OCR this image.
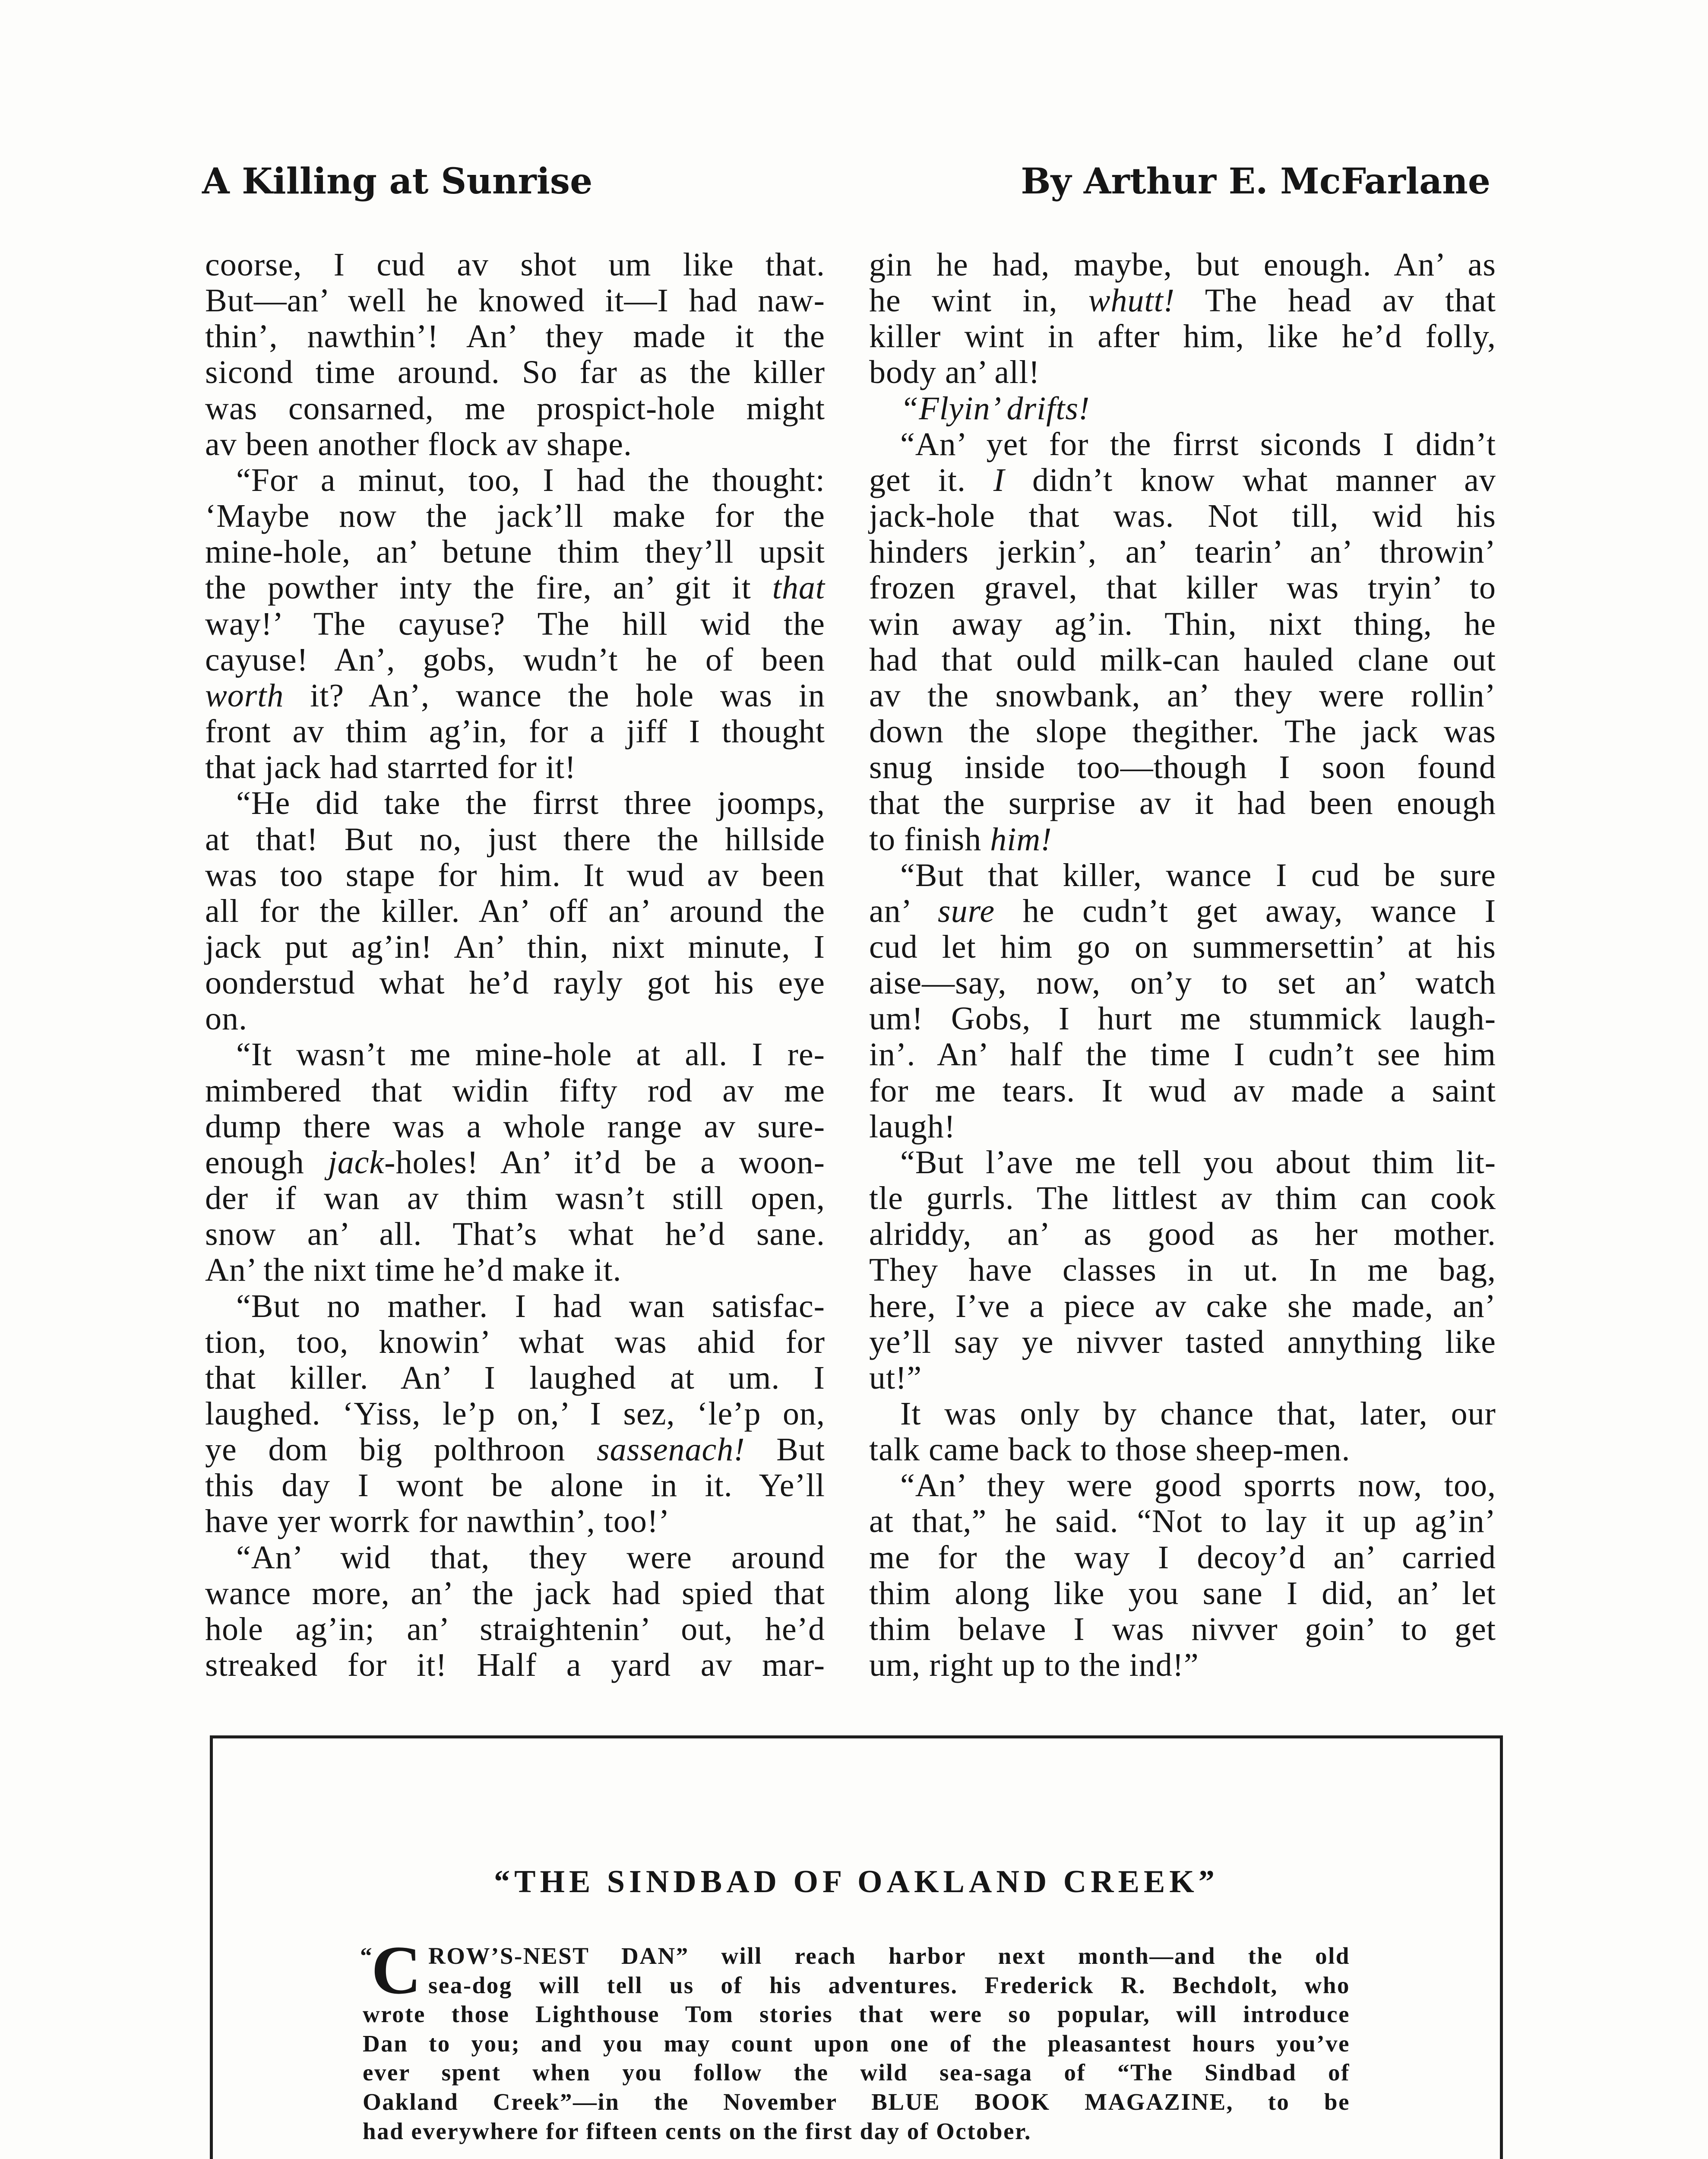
A Killing at Sunrise	By Arthur E. McFarlane
coorse, I cud av shot um like that.
But—an’ well he knowed it—I had naw-
thin’, nawthin’! An’ they made it the
sicond time around. So far as the killer
was consarned, me prospict-hole might
av been another flock av shape.
“For a minut, too, I had the thought:
‘Maybe now the jack’ll make for the
mine-hole, an’ betune thim they’ll upsit
the powther inty the fire, an’ git it that
way!’ The cayuse? The hill wid the
cayuse! An’, gobs, wudn’t he of been
worth it? An’, wance the hole was in
front av thim ag’in, for a jiff I thought
that jack had starrted for it!
“He did take the firrst three joomps,
at that! But no, just there the hillside
was too stape for him. It wud av been
all for the killer. An’ off an’ around the
jack put ag’in! An’ thin, nixt minute, I
oonderstud what he’d rayly got his eye
on.
“It wasn’t me mine-hole at all. I re-
mimbered that widin fifty rod av me
dump there was a whole range av sure-
enough jack-holes! An’ it’d be a woon-
der if wan av thim wasn’t still open,
snow an’ all. That’s what he’d sane.
An’ the nixt time he’d make it.
“But no mather. I had wan satisfac-
tion, too, knowin’ what was ahid for
that killer. An’ I laughed at um. I
laughed. ‘Yiss, le’p on,’ I sez, ‘le’p on,
ye dom big polthroon sassenach! But
this day I wont be alone in it. Ye’ll
have yer worrk for nawthin’, too!’
“An’ wid that, they were around
wance more, an’ the jack had spied that
hole ag’in; an’ straightenin’ out, he’d
streaked for it! Half a yard av mar-
gin he had, maybe, but enough. An’ as
he wint in, whutt! The head av that
killer wint in after him, like he’d folly,
body an’ all!
“Flyin’ drifts!
“An’ yet for the firrst siconds I didn’t
get it. I didn’t know what manner av
jack-hole that was. Not till, wid his
hinders jerkin’, an’ tearin’ an’ throwin’
frozen gravel, that killer was tryin’ to
win away ag’in. Thin, nixt thing, he
had that ould milk-can hauled clane out
av the snowbank, an’ they were rollin’
down the slope thegither. The jack was
snug inside too—though I soon found
that the surprise av it had been enough
to finish him!
“But that killer, wance I cud be sure
an’ sure he cudn’t get away, wance I
cud let him go on summersettin’ at his
aise—say, now, on’y to set an’ watch
um! Gobs, I hurt me stummick laugh-
in’. An’ half the time I cudn’t see him
for me tears. It wud av made a saint
laugh!
“But l’ave me tell you about thim lit-
tle gurrls. The littlest av thim can cook
alriddy, an’ as good as her mother.
They have classes in ut. In me bag,
here, I’ve a piece av cake she made, an’
ye’ll say ye nivver tasted annything like
ut!”
It was only by chance that, later, our
talk came back to those sheep-men.
“An’ they were good sporrts now, too,
at that,” he said. “Not to lay it up ag’in’
me for the way I decoy’d an’ carried
thim along like you sane I did, an’ let
thim belave I was nivver goin’ to get
um, right up to the ind!”
“THE SINDBAD OF OAKLAND CREEK”
“
C ROW’S-NEST DAN” will reach harbor next month—and the old
sea-dog will tell us of his adventures. Frederick R. Bechdolt, who
wrote those Lighthouse Tom stories that were so popular, will introduce
Dan to you; and you may count upon one of the pleasantest hours you’ve
ever spent when you follow the wild sea-saga of “The Sindbad of
Oakland Creek”—in the November BLUE BOOK MAGAZINE, to be
had everywhere for fifteen cents on the first day of October.
